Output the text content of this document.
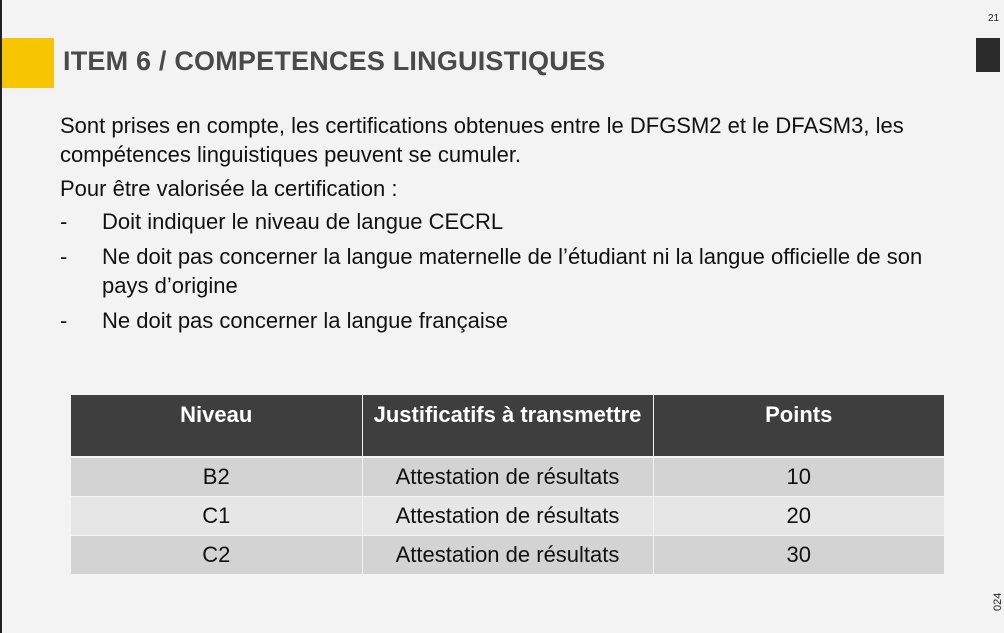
ITEM 6 / COMPETENCES LINGUISTIQUES
21
024

Sont prises en compte, les certifications obtenues entre le DFGSM2 et le DFASM3, les compétences linguistiques peuvent se cumuler.

Pour être valorisée la certification :

- Doit indiquer le niveau de langue CECRL
- Ne doit pas concerner la langue maternelle de l’étudiant ni la langue officielle de son pays d’origine
- Ne doit pas concerner la langue française
Niveau	Justificatifs à transmettre	Points
B2	Attestation de résultats	10
C1	Attestation de résultats	20
C2	Attestation de résultats	30
